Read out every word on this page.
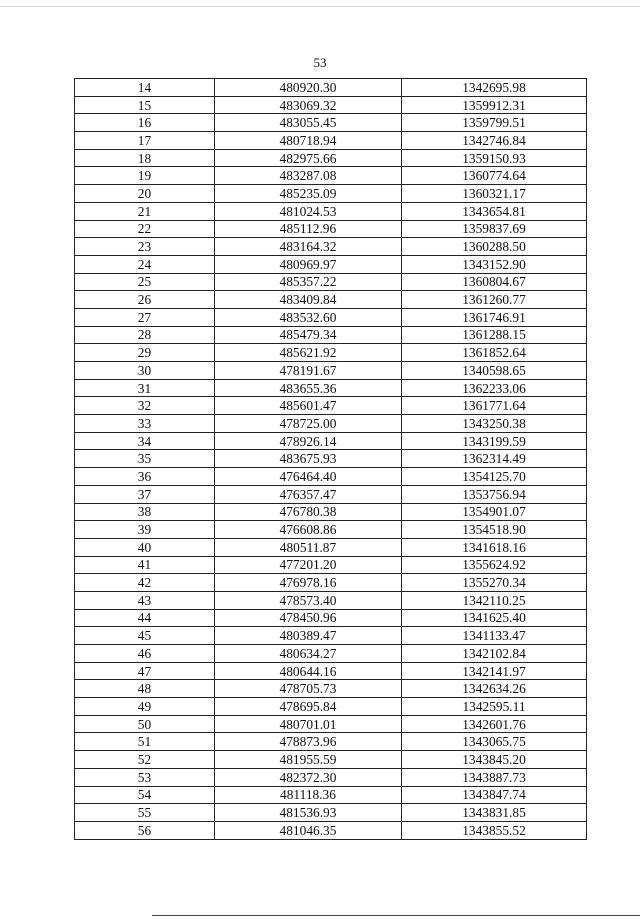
53
14	480920.30	1342695.98
15	483069.32	1359912.31
16	483055.45	1359799.51
17	480718.94	1342746.84
18	482975.66	1359150.93
19	483287.08	1360774.64
20	485235.09	1360321.17
21	481024.53	1343654.81
22	485112.96	1359837.69
23	483164.32	1360288.50
24	480969.97	1343152.90
25	485357.22	1360804.67
26	483409.84	1361260.77
27	483532.60	1361746.91
28	485479.34	1361288.15
29	485621.92	1361852.64
30	478191.67	1340598.65
31	483655.36	1362233.06
32	485601.47	1361771.64
33	478725.00	1343250.38
34	478926.14	1343199.59
35	483675.93	1362314.49
36	476464.40	1354125.70
37	476357.47	1353756.94
38	476780.38	1354901.07
39	476608.86	1354518.90
40	480511.87	1341618.16
41	477201.20	1355624.92
42	476978.16	1355270.34
43	478573.40	1342110.25
44	478450.96	1341625.40
45	480389.47	1341133.47
46	480634.27	1342102.84
47	480644.16	1342141.97
48	478705.73	1342634.26
49	478695.84	1342595.11
50	480701.01	1342601.76
51	478873.96	1343065.75
52	481955.59	1343845.20
53	482372.30	1343887.73
54	481118.36	1343847.74
55	481536.93	1343831.85
56	481046.35	1343855.52
